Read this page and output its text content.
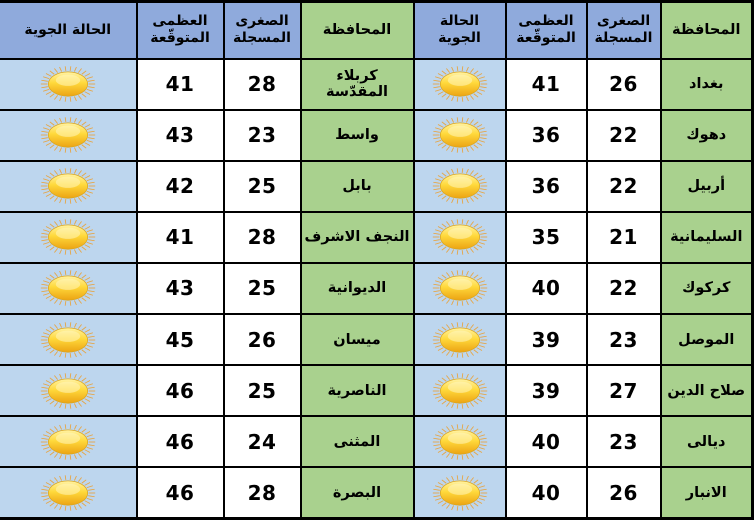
المحافظة	الصغرى المسجلة	العظمى المتوقّعة	الحالة الجوية	المحافظة	الصغرى المسجلة	العظمى المتوقّعة	الحالة الجوية
بغداد	26	41		كربلاء المقدّسة	28	41	

دهوك	22	36		واسط	23	43	

أربيل	22	36		بابل	25	42	

السليمانية	21	35		النجف الاشرف	28	41	

كركوك	22	40		الديوانية	25	43	

الموصل	23	39		ميسان	26	45	

صلاح الدين	27	39		الناصرية	25	46	

ديالى	23	40		المثنى	24	46	

الانبار	26	40		البصرة	28	46	
